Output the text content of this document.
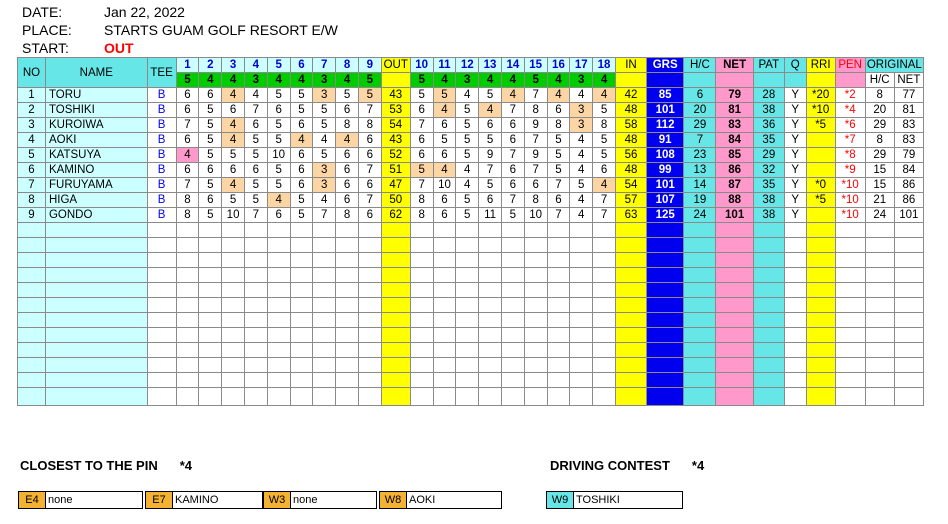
DATE:	Jan 22, 2022
PLACE: STARTS GUAM GOLF RESORT E/W
START:	OUT
NO	NAME	TEE	1	2	3	4	5	6	7	8	9	OUT	10	11	12	13	14	15	16	17	18	IN	GRS	H/C	NET	PAT	Q	RRI	PEN	ORIGINAL	
			5	4	4	3	4	4	3	4	5		5	4	3	4	4	5	4	3	4									H/C	NET
1	TORU	B	6	6	4	4	5	5	3	5	5	43	5	5	4	5	4	7	4	4	4	42	85	6	79	28	Y	*20	*2	8	77
2	TOSHIKI	B	6	5	6	7	6	5	5	6	7	53	6	4	5	4	7	8	6	3	5	48	101	20	81	38	Y	*10	*4	20	81
3	KUROIWA	B	7	5	4	6	5	6	5	8	8	54	7	6	5	6	6	9	8	3	8	58	112	29	83	36	Y	*5	*6	29	83
4	AOKI	B	6	5	4	5	5	4	4	4	6	43	6	5	5	5	6	7	5	4	5	48	91	7	84	35	Y		*7	8	83
5	KATSUYA	B	4	5	5	5	10	6	5	6	6	52	6	6	5	9	7	9	5	4	5	56	108	23	85	29	Y		*8	29	79
6	KAMINO	B	6	6	6	6	5	6	3	6	7	51	5	4	4	7	6	7	5	4	6	48	99	13	86	32	Y		*9	15	84
7	FURUYAMA	B	7	5	4	5	5	6	3	6	6	47	7	10	4	5	6	6	7	5	4	54	101	14	87	35	Y	*0	*10	15	86
8	HIGA	B	8	6	5	5	4	5	4	6	7	50	8	6	5	6	7	8	6	4	7	57	107	19	88	38	Y	*5	*10	21	86
9	GONDO	B	8	5	10	7	6	5	7	8	6	62	8	6	5	11	5	10	7	4	7	63	125	24	101	38	Y		*10	24	101

CLOSEST TO THE PIN *4	DRIVING CONTEST *4
E4 none	E7 KAMINO	W3 none	W8 AOKI	W9 TOSHIKI
